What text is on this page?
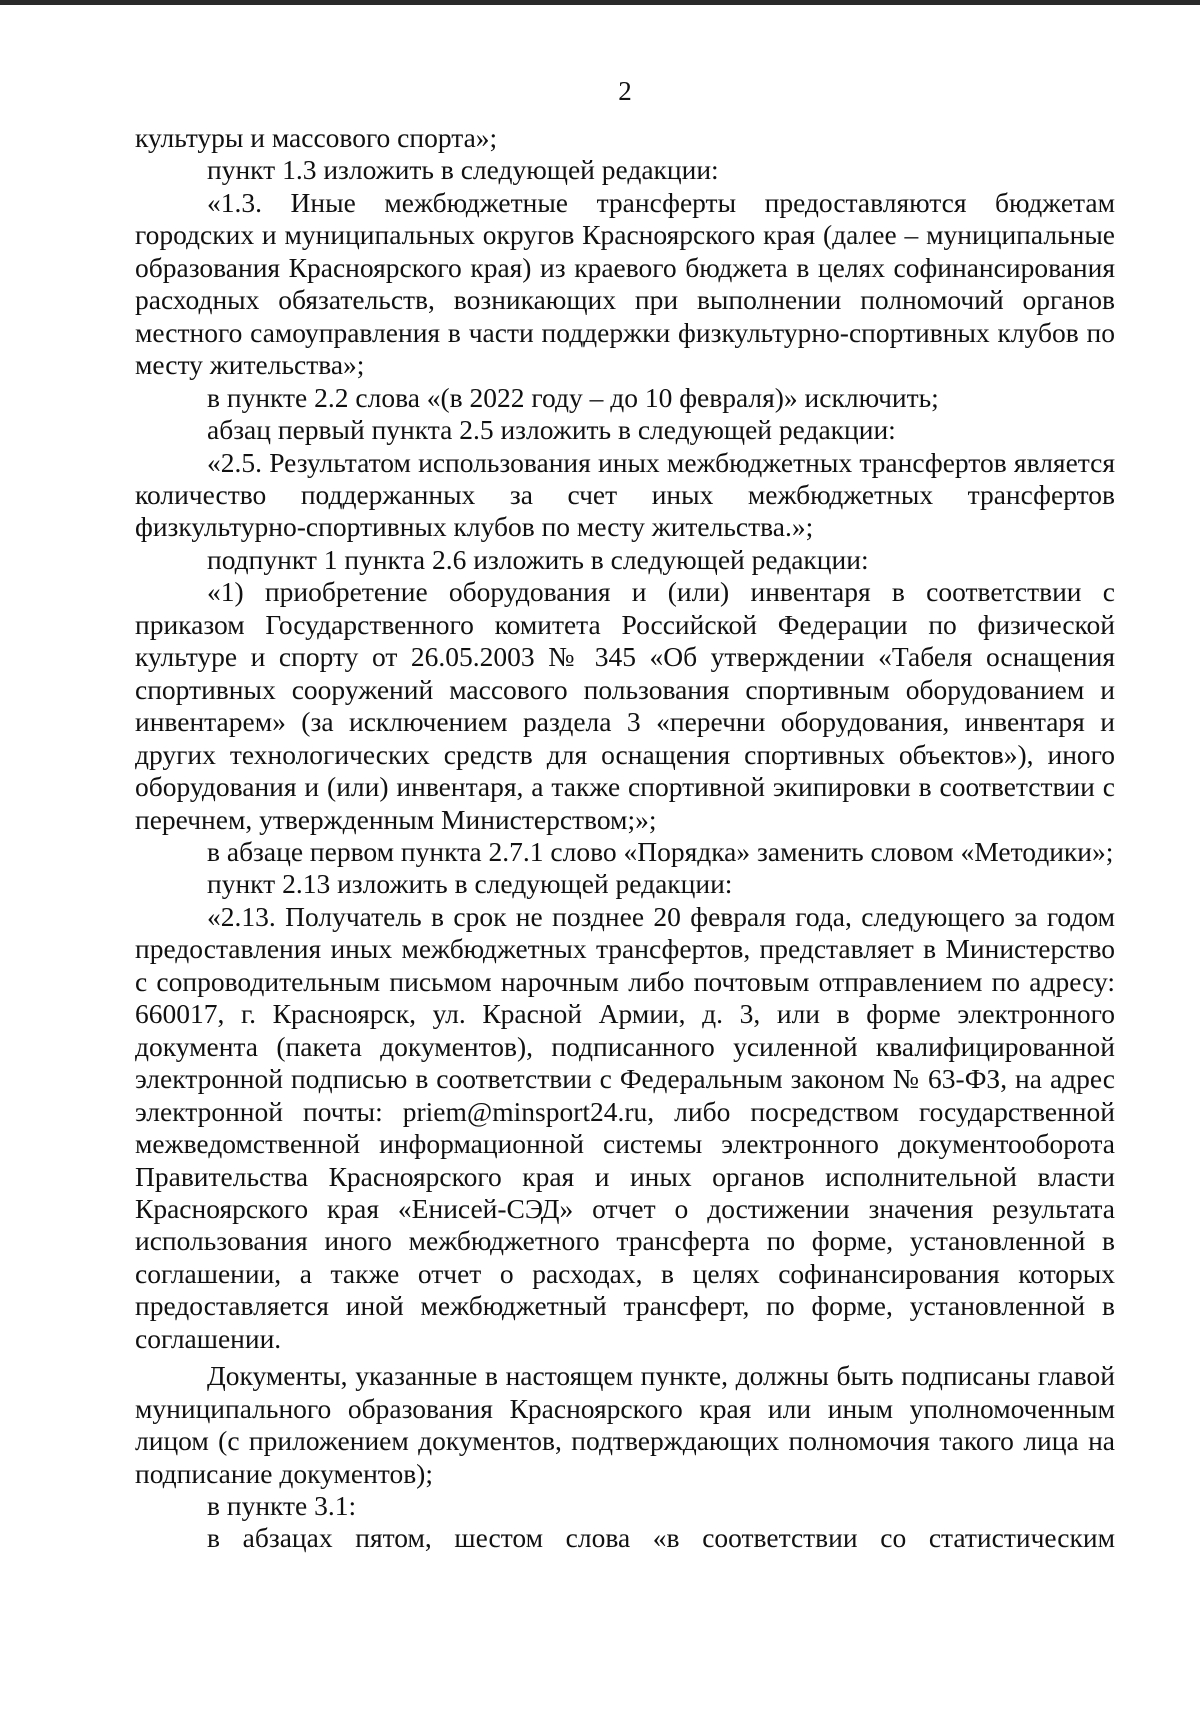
2

культуры и массового спорта»;

пункт 1.3 изложить в следующей редакции:

«1.3. Иные межбюджетные трансферты предоставляются бюджетам городских и муниципальных округов Красноярского края (далее – муниципальные образования Красноярского края) из краевого бюджета в целях софинансирования расходных обязательств, возникающих при выполнении полномочий органов местного самоуправления в части поддержки физкультурно-спортивных клубов по месту жительства»;

в пункте 2.2 слова «(в 2022 году – до 10 февраля)» исключить;

абзац первый пункта 2.5 изложить в следующей редакции:

«2.5. Результатом использования иных межбюджетных трансфертов является количество поддержанных за счет иных межбюджетных трансфертов физкультурно-спортивных клубов по месту жительства.»;

подпункт 1 пункта 2.6 изложить в следующей редакции:

«1) приобретение оборудования и (или) инвентаря в соответствии с приказом Государственного комитета Российской Федерации по физической культуре и спорту от 26.05.2003 № 345 «Об утверждении «Табеля оснащения спортивных сооружений массового пользования спортивным оборудованием и инвентарем» (за исключением раздела 3 «перечни оборудования, инвентаря и других технологических средств для оснащения спортивных объектов»), иного оборудования и (или) инвентаря, а также спортивной экипировки в соответствии с перечнем, утвержденным Министерством;»;

в абзаце первом пункта 2.7.1 слово «Порядка» заменить словом «Методики»;

пункт 2.13 изложить в следующей редакции:

«2.13. Получатель в срок не позднее 20 февраля года, следующего за годом предоставления иных межбюджетных трансфертов, представляет в Министерство с сопроводительным письмом нарочным либо почтовым отправлением по адресу: 660017, г. Красноярск, ул. Красной Армии, д. 3, или в форме электронного документа (пакета документов), подписанного усиленной квалифицированной электронной подписью в соответствии с Федеральным законом № 63-ФЗ, на адрес электронной почты: priem@minsport24.ru, либо посредством государственной межведомственной информационной системы электронного документооборота Правительства Красноярского края и иных органов исполнительной власти Красноярского края «Енисей-СЭД» отчет о достижении значения результата использования иного межбюджетного трансферта по форме, установленной в соглашении, а также отчет о расходах, в целях софинансирования которых предоставляется иной межбюджетный трансферт, по форме, установленной в соглашении.

Документы, указанные в настоящем пункте, должны быть подписаны главой муниципального образования Красноярского края или иным уполномоченным лицом (с приложением документов, подтверждающих полномочия такого лица на подписание документов);

в пункте 3.1:

в абзацах пятом, шестом слова «в соответствии со статистическим
